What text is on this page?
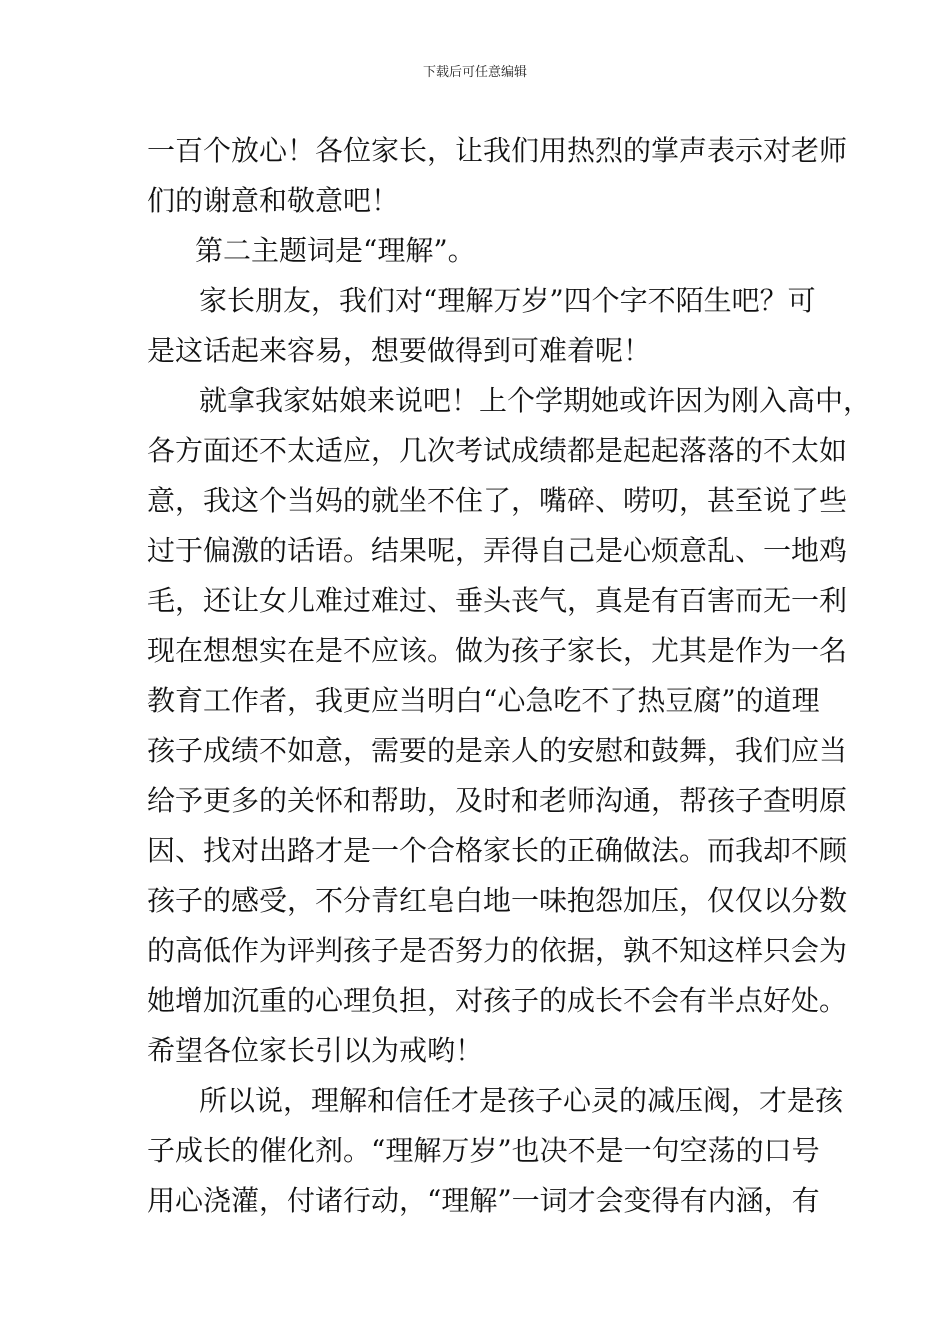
下载后可任意编辑
一百个放心！各位家长，让我们用热烈的掌声表示对老师
们的谢意和敬意吧！
第二主题词是“理解”。
家长朋友，我们对“理解万岁”四个字不陌生吧？可
是这话起来容易，想要做得到可难着呢！
就拿我家姑娘来说吧！上个学期她或许因为刚入高中，
各方面还不太适应，几次考试成绩都是起起落落的不太如
意，我这个当妈的就坐不住了，嘴碎、唠叨，甚至说了些
过于偏激的话语。结果呢，弄得自己是心烦意乱、一地鸡
毛，还让女儿难过难过、垂头丧气，真是有百害而无一利
现在想想实在是不应该。做为孩子家长，尤其是作为一名
教育工作者，我更应当明白“心急吃不了热豆腐”的道理
孩子成绩不如意，需要的是亲人的安慰和鼓舞，我们应当
给予更多的关怀和帮助，及时和老师沟通，帮孩子查明原
因、找对出路才是一个合格家长的正确做法。而我却不顾
孩子的感受，不分青红皂白地一味抱怨加压，仅仅以分数
的高低作为评判孩子是否努力的依据，孰不知这样只会为
她增加沉重的心理负担，对孩子的成长不会有半点好处。
希望各位家长引以为戒哟！
所以说，理解和信任才是孩子心灵的减压阀，才是孩
子成长的催化剂。“理解万岁”也决不是一句空荡的口号
用心浇灌，付诸行动，“理解”一词才会变得有内涵，有
